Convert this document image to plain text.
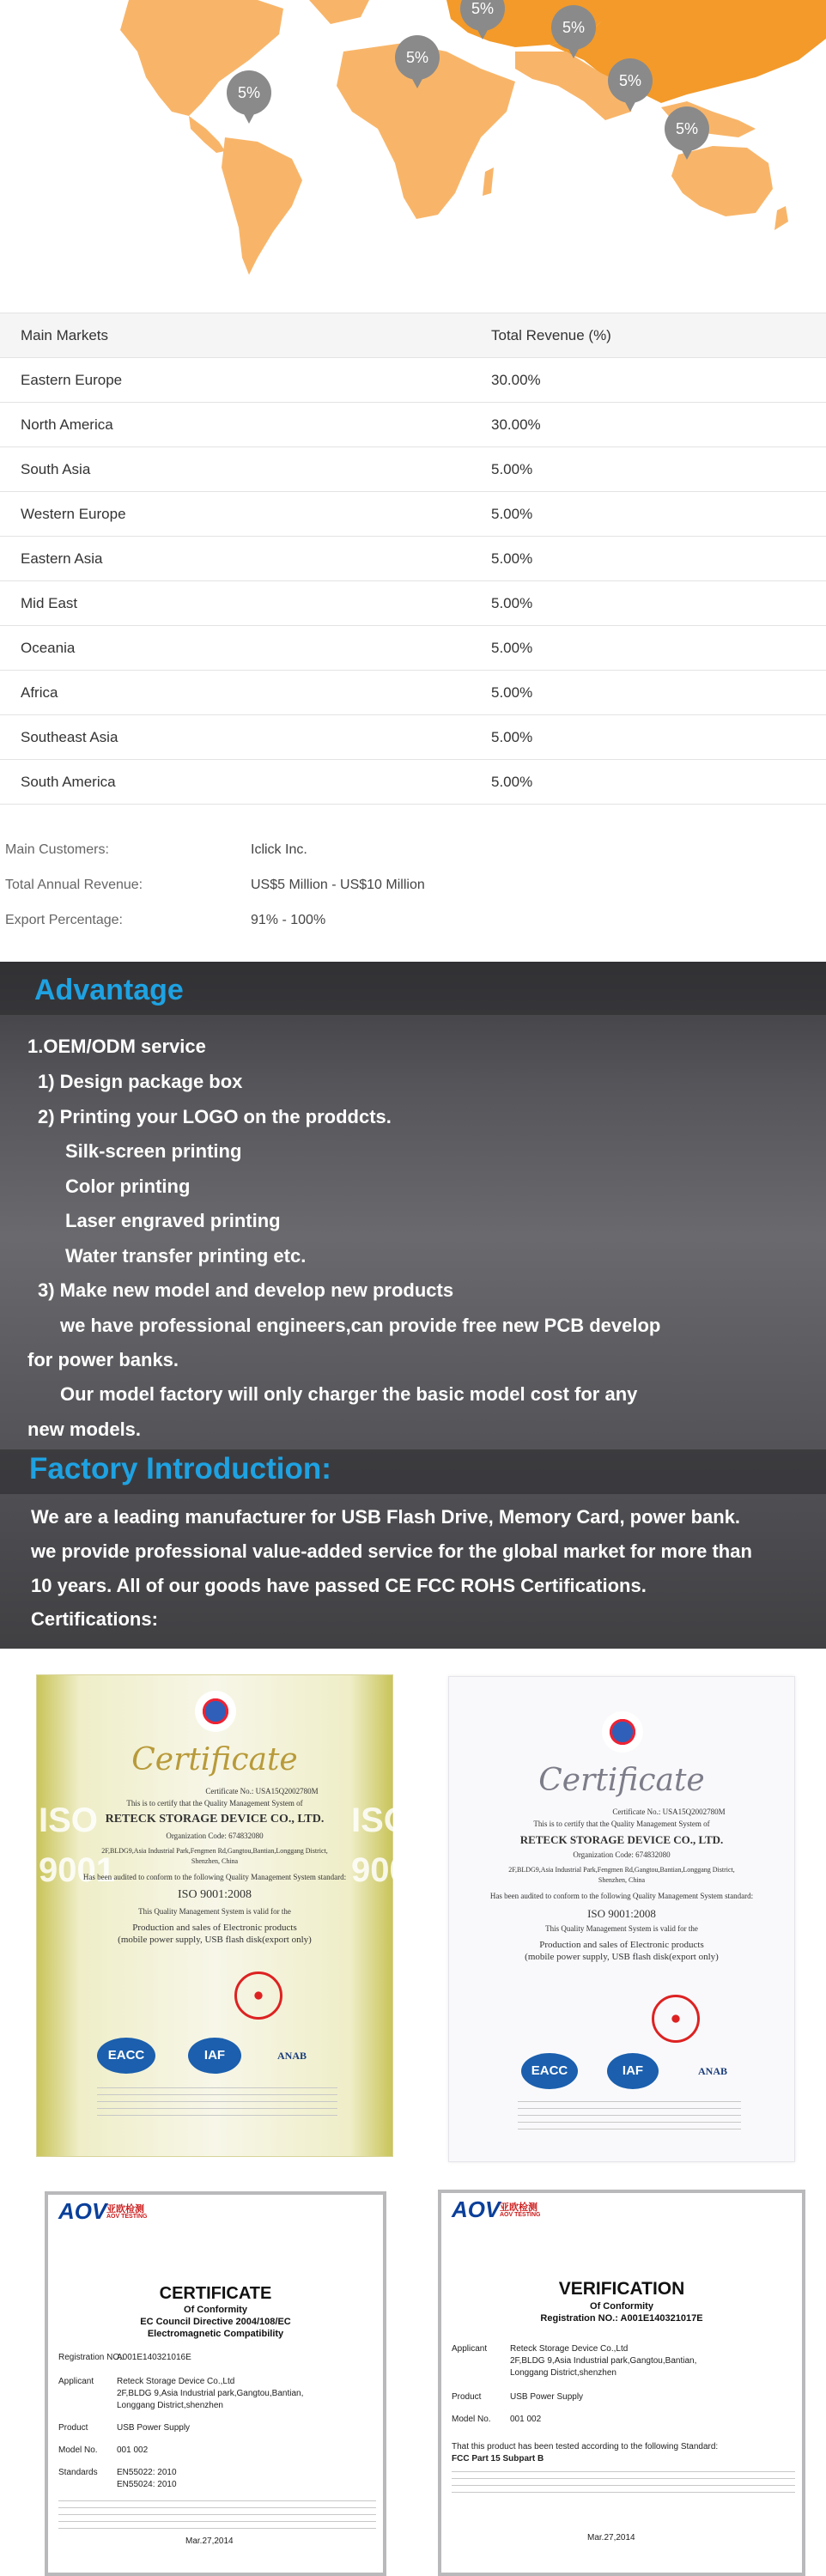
5%
5%
5%
5%
5%
5%
Main Markets	Total Revenue (%)
Eastern Europe	30.00%
North America	30.00%
South Asia	5.00%
Western Europe	5.00%
Eastern Asia	5.00%
Mid East	5.00%
Oceania	5.00%
Africa	5.00%
Southeast Asia	5.00%
South America	5.00%
Main Customers:	Iclick Inc.
Total Annual Revenue:	US$5 Million - US$10 Million
Export Percentage:	91% - 100%
Advantage
1.OEM/ODM service
1) Design package box
2) Printing your LOGO on the proddcts.
Silk-screen printing
Color printing
Laser engraved printing
Water transfer printing etc.
3) Make new model and develop new products
we have professional engineers,can provide free new PCB develop
for power banks.
Our model factory will only charger the basic model cost for any
new models.
Factory Introduction:
We are a leading manufacturer for USB Flash Drive, Memory Card, power bank.
we provide professional value-added service for the global market for more than
10 years. All of our goods have passed CE FCC ROHS Certifications.
Certifications:
ISO 9001
ISO 9001
Certificate
Certificate No.: USA15Q2002780M
This is to certify that the Quality Management System of
RETECK STORAGE DEVICE CO., LTD.
Organization Code: 674832080
2F,BLDG9,Asia Industrial Park,Fengmen Rd,Gangtou,Bantian,Longgang District,
Shenzhen, China
Has been audited to conform to the following Quality Management System standard:
ISO 9001:2008
This Quality Management System is valid for the
Production and sales of Electronic products
(mobile power supply, USB flash disk(export only)
EACC	IAF	ANAB
Certificate
Certificate No.: USA15Q2002780M
This is to certify that the Quality Management System of
RETECK STORAGE DEVICE CO., LTD.
Organization Code: 674832080
2F,BLDG9,Asia Industrial Park,Fengmen Rd,Gangtou,Bantian,Longgang District,
Shenzhen, China
Has been audited to conform to the following Quality Management System standard:
ISO 9001:2008
This Quality Management System is valid for the
Production and sales of Electronic products
(mobile power supply, USB flash disk(export only)
EACC	IAF	ANAB
AOV 亚欧检测
AOV TESTING
CERTIFICATE
Of Conformity
EC Council Directive 2004/108/EC
Electromagnetic Compatibility
Registration NO.:
A001E140321016E
Applicant	Reteck Storage Device Co.,Ltd
2F,BLDG 9,Asia Industrial park,Gangtou,Bantian,
Longgang District,shenzhen
Product	USB Power Supply
Model No. 001 002
Standards EN55022: 2010
EN55024: 2010
Mar.27,2014
AOV 亚欧检测
AOV TESTING
VERIFICATION
Of Conformity
Registration NO.: A001E140321017E
Applicant	Reteck Storage Device Co.,Ltd
2F,BLDG 9,Asia Industrial park,Gangtou,Bantian,
Longgang District,shenzhen
Product	USB Power Supply
Model No. 001 002
That this product has been tested according to the following Standard:
FCC Part 15 Subpart B
Mar.27,2014
